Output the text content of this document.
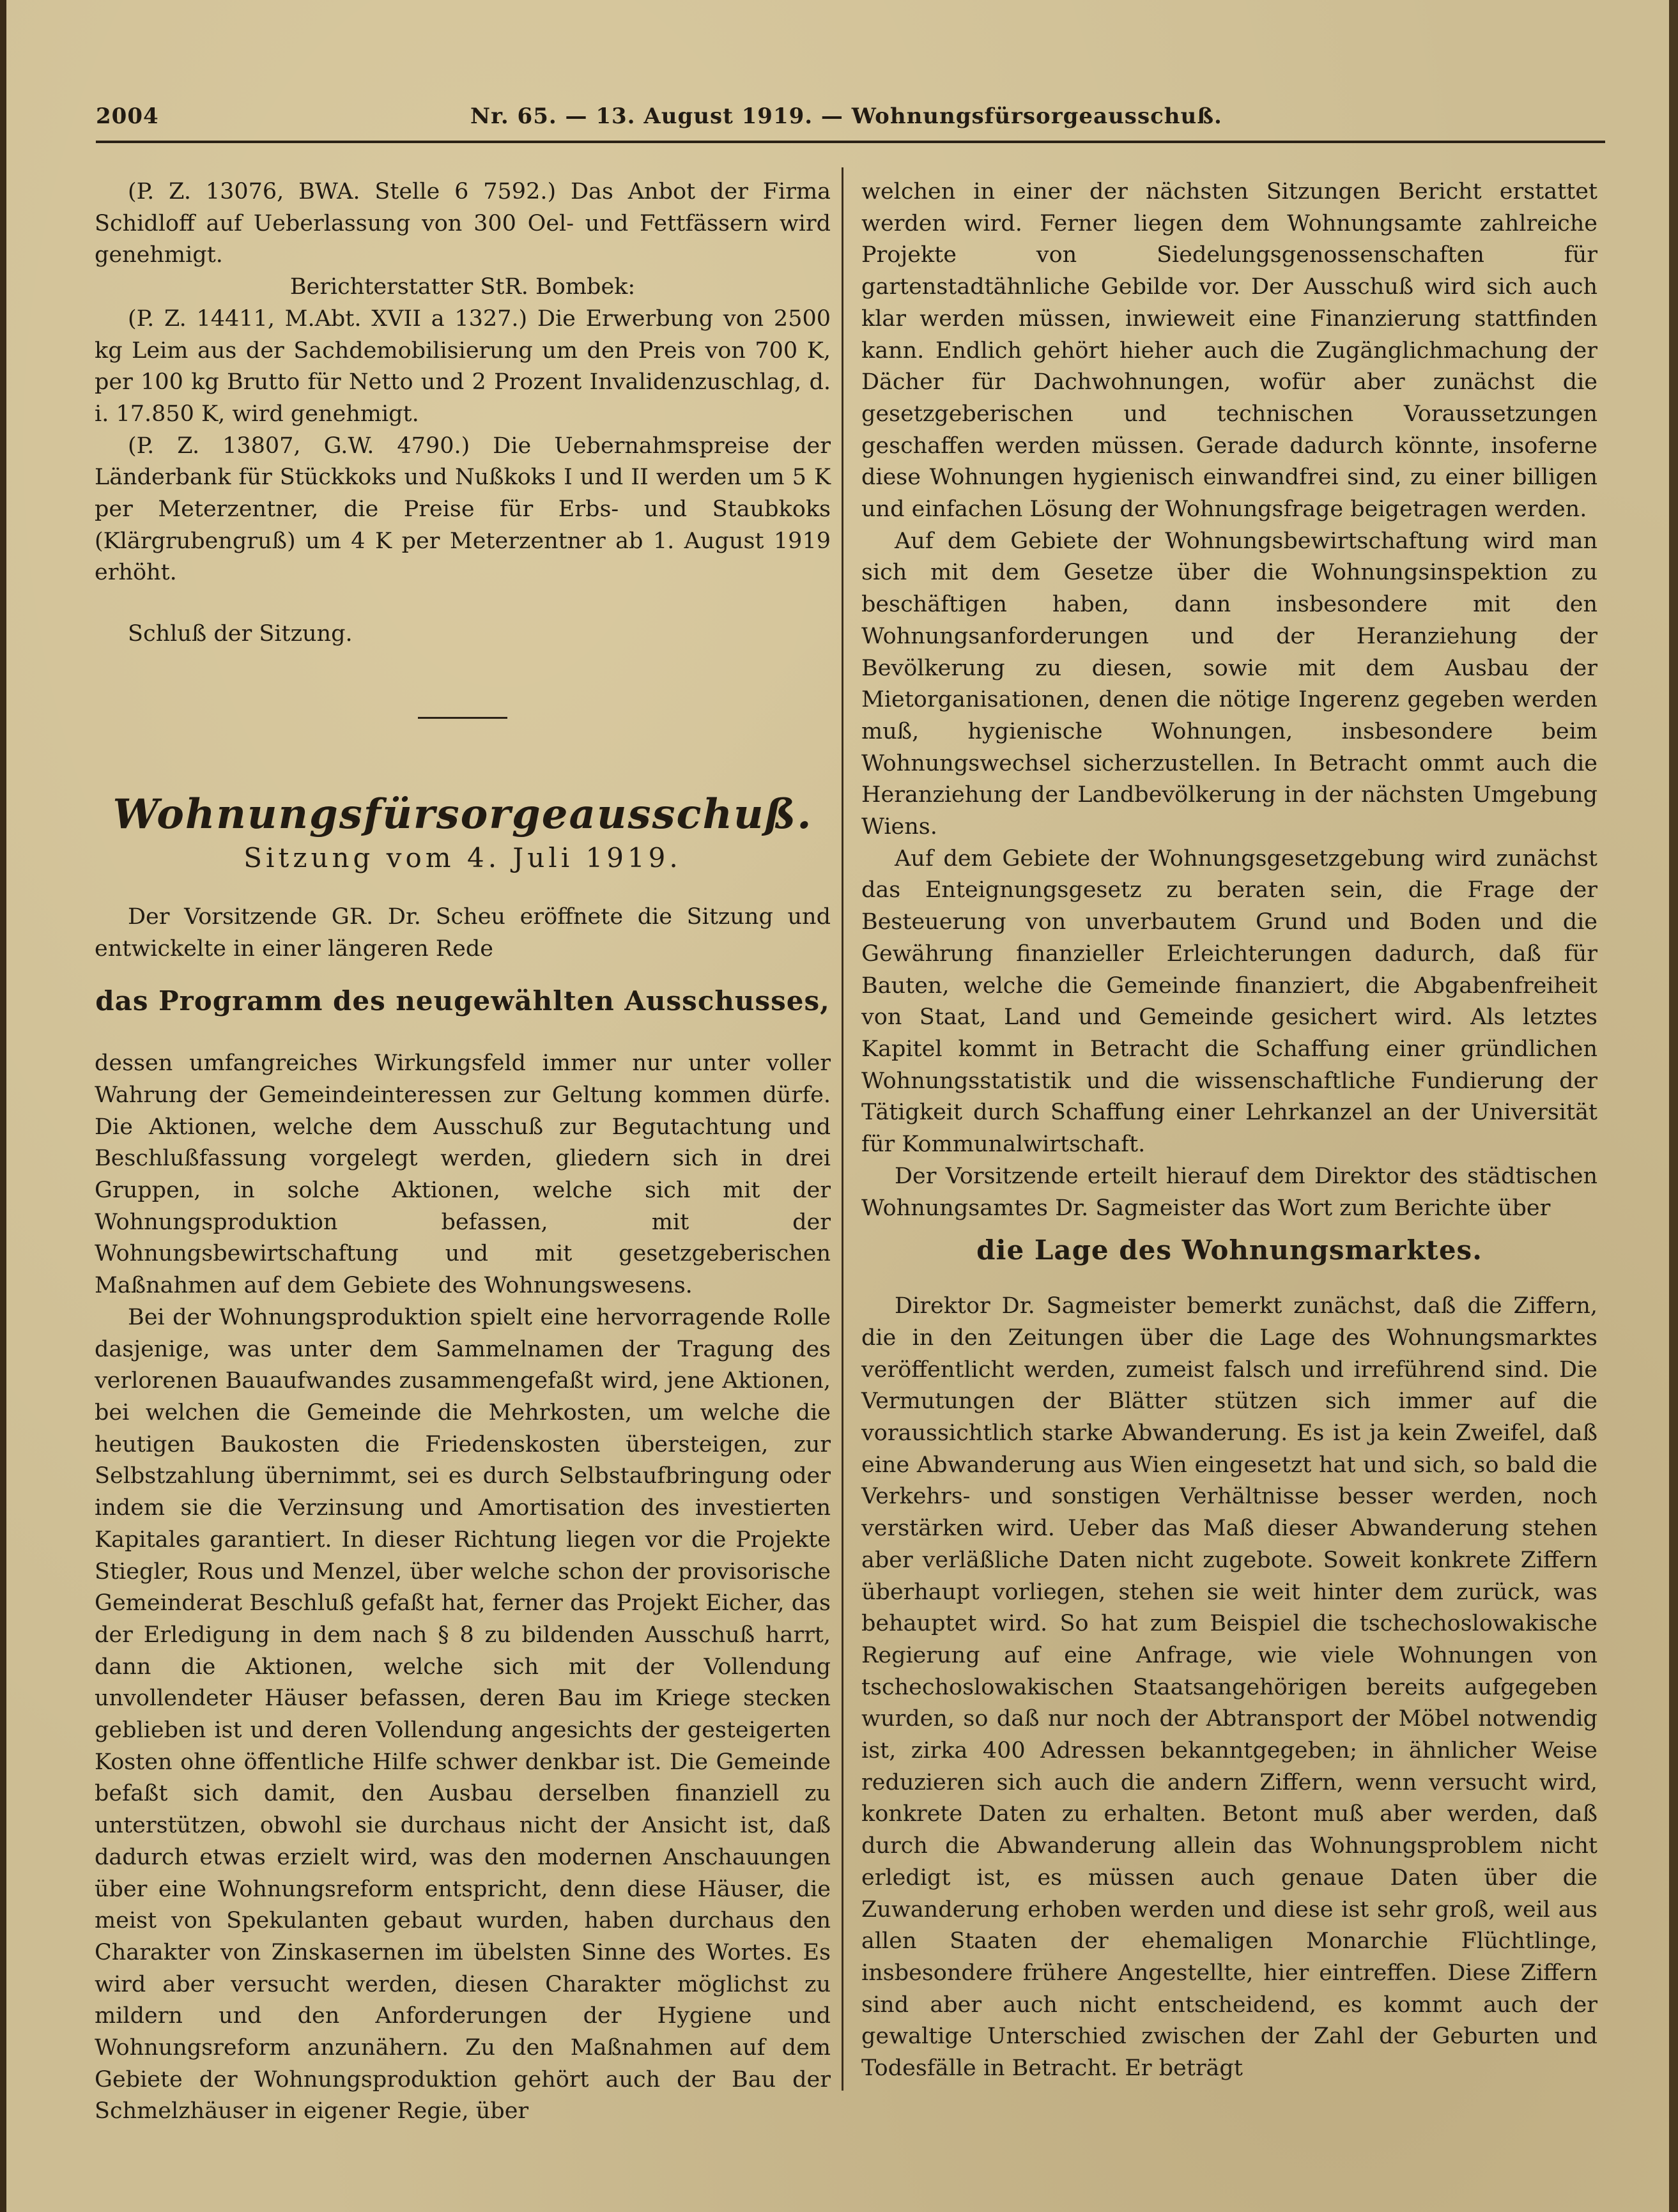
2004	Nr. 65. — 13. August 1919. — Wohnungsfürsorgeausschuß.

(P. Z. 13076, BWA. Stelle 6 7592.) Das Anbot der Firma Schidloff auf Ueberlassung von 300 Oel- und Fettfässern wird genehmigt.

Berichterstatter StR. Bombek:

(P. Z. 14411, M.Abt. XVII a 1327.) Die Erwerbung von 2500 kg Leim aus der Sachdemobilisierung um den Preis von 700 K, per 100 kg Brutto für Netto und 2 Prozent Invalidenzuschlag, d. i. 17.850 K, wird genehmigt.

(P. Z. 13807, G.W. 4790.) Die Uebernahmspreise der Länderbank für Stückkoks und Nußkoks I und II werden um 5 K per Meterzentner, die Preise für Erbs- und Staubkoks (Klärgrubengruß) um 4 K per Meterzentner ab 1. August 1919 erhöht.

Schluß der Sitzung.

Wohnungsfürsorgeausschuß.
Sitzung vom 4. Juli 1919.

Der Vorsitzende GR. Dr. Scheu eröffnete die Sitzung und entwickelte in einer längeren Rede

das Programm des neugewählten Ausschusses,

dessen umfangreiches Wirkungsfeld immer nur unter voller Wahrung der Gemeindeinteressen zur Geltung kommen dürfe. Die Aktionen, welche dem Ausschuß zur Begutachtung und Beschlußfassung vorgelegt werden, gliedern sich in drei Gruppen, in solche Aktionen, welche sich mit der Wohnungsproduktion befassen, mit der Wohnungsbewirtschaftung und mit gesetzgeberischen Maßnahmen auf dem Gebiete des Wohnungswesens.

Bei der Wohnungsproduktion spielt eine hervorragende Rolle dasjenige, was unter dem Sammelnamen der Tragung des verlorenen Bauaufwandes zusammengefaßt wird, jene Aktionen, bei welchen die Gemeinde die Mehrkosten, um welche die heutigen Baukosten die Friedenskosten übersteigen, zur Selbstzahlung übernimmt, sei es durch Selbstaufbringung oder indem sie die Verzinsung und Amortisation des investierten Kapitales garantiert. In dieser Richtung liegen vor die Projekte Stiegler, Rous und Menzel, über welche schon der provisorische Gemeinderat Beschluß gefaßt hat, ferner das Projekt Eicher, das der Erledigung in dem nach § 8 zu bildenden Ausschuß harrt, dann die Aktionen, welche sich mit der Vollendung unvollendeter Häuser befassen, deren Bau im Kriege stecken geblieben ist und deren Vollendung angesichts der gesteigerten Kosten ohne öffentliche Hilfe schwer denkbar ist. Die Gemeinde befaßt sich damit, den Ausbau derselben finanziell zu unterstützen, obwohl sie durchaus nicht der Ansicht ist, daß dadurch etwas erzielt wird, was den modernen Anschauungen über eine Wohnungsreform entspricht, denn diese Häuser, die meist von Spekulanten gebaut wurden, haben durchaus den Charakter von Zinskasernen im übelsten Sinne des Wortes. Es wird aber versucht werden, diesen Charakter möglichst zu mildern und den Anforderungen der Hygiene und Wohnungsreform anzunähern. Zu den Maßnahmen auf dem Gebiete der Wohnungsproduktion gehört auch der Bau der Schmelzhäuser in eigener Regie, über

welchen in einer der nächsten Sitzungen Bericht erstattet werden wird. Ferner liegen dem Wohnungsamte zahlreiche Projekte von Siedelungsgenossenschaften für gartenstadtähnliche Gebilde vor. Der Ausschuß wird sich auch klar werden müssen, inwieweit eine Finanzierung stattfinden kann. Endlich gehört hieher auch die Zugänglichmachung der Dächer für Dachwohnungen, wofür aber zunächst die gesetzgeberischen und technischen Voraussetzungen geschaffen werden müssen. Gerade dadurch könnte, insoferne diese Wohnungen hygienisch einwandfrei sind, zu einer billigen und einfachen Lösung der Wohnungsfrage beigetragen werden.

Auf dem Gebiete der Wohnungsbewirtschaftung wird man sich mit dem Gesetze über die Wohnungsinspektion zu beschäftigen haben, dann insbesondere mit den Wohnungsanforderungen und der Heranziehung der Bevölkerung zu diesen, sowie mit dem Ausbau der Mietorganisationen, denen die nötige Ingerenz gegeben werden muß, hygienische Wohnungen, insbesondere beim Wohnungswechsel sicherzustellen. In Betracht ommt auch die Heranziehung der Landbevölkerung in der nächsten Umgebung Wiens.

Auf dem Gebiete der Wohnungsgesetzgebung wird zunächst das Enteignungsgesetz zu beraten sein, die Frage der Besteuerung von unverbautem Grund und Boden und die Gewährung finanzieller Erleichterungen dadurch, daß für Bauten, welche die Gemeinde finanziert, die Abgabenfreiheit von Staat, Land und Gemeinde gesichert wird. Als letztes Kapitel kommt in Betracht die Schaffung einer gründlichen Wohnungsstatistik und die wissenschaftliche Fundierung der Tätigkeit durch Schaffung einer Lehrkanzel an der Universität für Kommunalwirtschaft.

Der Vorsitzende erteilt hierauf dem Direktor des städtischen Wohnungsamtes Dr. Sagmeister das Wort zum Berichte über

die Lage des Wohnungsmarktes.

Direktor Dr. Sagmeister bemerkt zunächst, daß die Ziffern, die in den Zeitungen über die Lage des Wohnungsmarktes veröffentlicht werden, zumeist falsch und irreführend sind. Die Vermutungen der Blätter stützen sich immer auf die voraussichtlich starke Abwanderung. Es ist ja kein Zweifel, daß eine Abwanderung aus Wien eingesetzt hat und sich, so bald die Verkehrs- und sonstigen Verhältnisse besser werden, noch verstärken wird. Ueber das Maß dieser Abwanderung stehen aber verläßliche Daten nicht zugebote. Soweit konkrete Ziffern überhaupt vorliegen, stehen sie weit hinter dem zurück, was behauptet wird. So hat zum Beispiel die tschechoslowakische Regierung auf eine Anfrage, wie viele Wohnungen von tschechoslowakischen Staatsangehörigen bereits aufgegeben wurden, so daß nur noch der Abtransport der Möbel notwendig ist, zirka 400 Adressen bekanntgegeben; in ähnlicher Weise reduzieren sich auch die andern Ziffern, wenn versucht wird, konkrete Daten zu erhalten. Betont muß aber werden, daß durch die Abwanderung allein das Wohnungsproblem nicht erledigt ist, es müssen auch genaue Daten über die Zuwanderung erhoben werden und diese ist sehr groß, weil aus allen Staaten der ehemaligen Monarchie Flüchtlinge, insbesondere frühere Angestellte, hier eintreffen. Diese Ziffern sind aber auch nicht entscheidend, es kommt auch der gewaltige Unterschied zwischen der Zahl der Geburten und Todesfälle in Betracht. Er beträgt
